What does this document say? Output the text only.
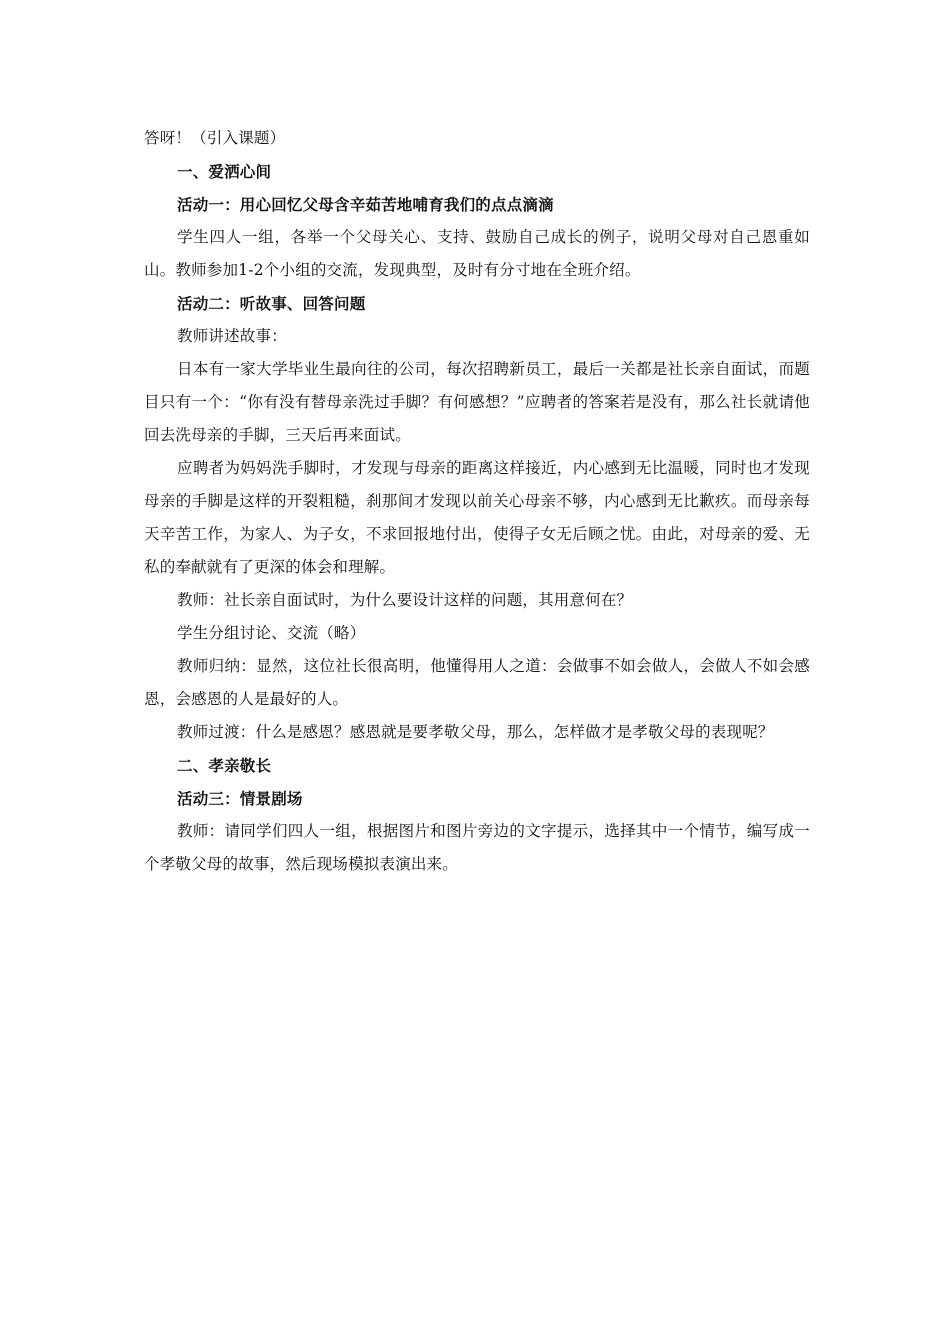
答呀！（引入课题）
一、爱洒心间
活动一：用心回忆父母含辛茹苦地哺育我们的点点滴滴

学生四人一组，各举一个父母关心、支持、鼓励自己成长的例子，说明父母对自己恩重如山。教师参加1-2个小组的交流，发现典型，及时有分寸地在全班介绍。

活动二：听故事、回答问题

教师讲述故事：

日本有一家大学毕业生最向往的公司，每次招聘新员工，最后一关都是社长亲自面试，而题目只有一个：“你有没有替母亲洗过手脚？有何感想？”应聘者的答案若是没有，那么社长就请他回去洗母亲的手脚，三天后再来面试。

应聘者为妈妈洗手脚时，才发现与母亲的距离这样接近，内心感到无比温暖，同时也才发现母亲的手脚是这样的开裂粗糙，刹那间才发现以前关心母亲不够，内心感到无比歉疚。而母亲每天辛苦工作，为家人、为子女，不求回报地付出，使得子女无后顾之忧。由此，对母亲的爱、无私的奉献就有了更深的体会和理解。

教师：社长亲自面试时，为什么要设计这样的问题，其用意何在？

学生分组讨论、交流（略）

教师归纳：显然，这位社长很高明，他懂得用人之道：会做事不如会做人，会做人不如会感恩，会感恩的人是最好的人。

教师过渡：什么是感恩？感恩就是要孝敬父母，那么，怎样做才是孝敬父母的表现呢？

二、孝亲敬长
活动三：情景剧场

教师：请同学们四人一组，根据图片和图片旁边的文字提示，选择其中一个情节，编写成一个孝敬父母的故事，然后现场模拟表演出来。
